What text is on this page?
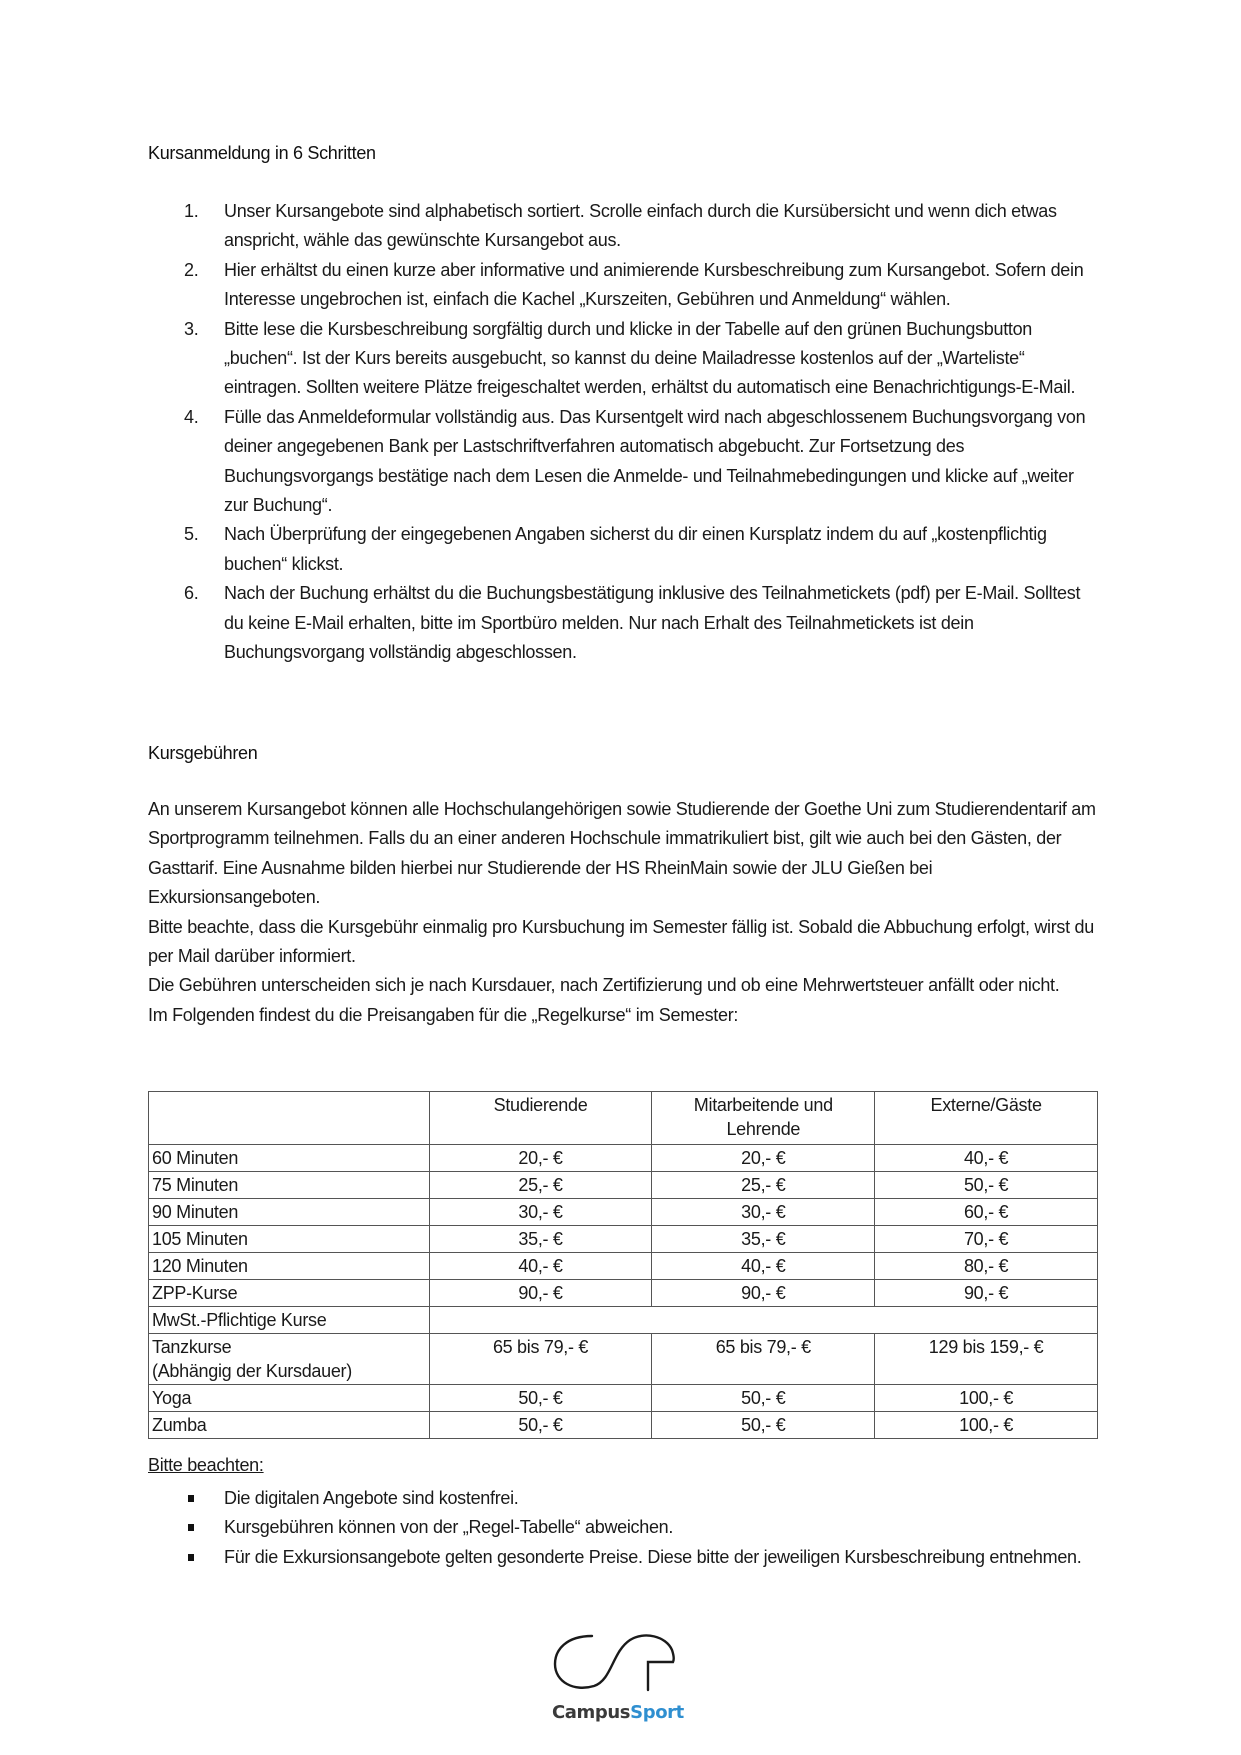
Kursanmeldung in 6 Schritten
1. Unser Kursangebote sind alphabetisch sortiert. Scrolle einfach durch die Kursübersicht und wenn dich etwas anspricht, wähle das gewünschte Kursangebot aus.
2. Hier erhältst du einen kurze aber informative und animierende Kursbeschreibung zum Kursangebot. Sofern dein Interesse ungebrochen ist, einfach die Kachel „Kurszeiten, Gebühren und Anmeldung“ wählen.
3. Bitte lese die Kursbeschreibung sorgfältig durch und klicke in der Tabelle auf den grünen Buchungsbutton „buchen“. Ist der Kurs bereits ausgebucht, so kannst du deine Mailadresse kostenlos auf der „Warteliste“ eintragen. Sollten weitere Plätze freigeschaltet werden, erhältst du automatisch eine Benachrichtigungs-E-Mail.
4. Fülle das Anmeldeformular vollständig aus. Das Kursentgelt wird nach abgeschlossenem Buchungsvorgang von deiner angegebenen Bank per Lastschriftverfahren automatisch abgebucht. Zur Fortsetzung des Buchungsvorgangs bestätige nach dem Lesen die Anmelde- und Teilnahmebedingungen und klicke auf „weiter zur Buchung“.
5. Nach Überprüfung der eingegebenen Angaben sicherst du dir einen Kursplatz indem du auf „kostenpflichtig buchen“ klickst.
6. Nach der Buchung erhältst du die Buchungsbestätigung inklusive des Teilnahmetickets (pdf) per E-Mail. Solltest du keine E-Mail erhalten, bitte im Sportbüro melden. Nur nach Erhalt des Teilnahmetickets ist dein Buchungsvorgang vollständig abgeschlossen.
Kursgebühren

An unserem Kursangebot können alle Hochschulangehörigen sowie Studierende der Goethe Uni zum Studierendentarif am Sportprogramm teilnehmen. Falls du an einer anderen Hochschule immatrikuliert bist, gilt wie auch bei den Gästen, der Gasttarif. Eine Ausnahme bilden hierbei nur Studierende der HS RheinMain sowie der JLU Gießen bei Exkursionsangeboten.

Bitte beachte, dass die Kursgebühr einmalig pro Kursbuchung im Semester fällig ist. Sobald die Abbuchung erfolgt, wirst du per Mail darüber informiert.

Die Gebühren unterscheiden sich je nach Kursdauer, nach Zertifizierung und ob eine Mehrwertsteuer anfällt oder nicht.

Im Folgenden findest du die Preisangaben für die „Regelkurse“ im Semester:

	Studierende	Mitarbeitende und Lehrende	Externe/Gäste
60 Minuten	20,- €	20,- €	40,- €
75 Minuten	25,- €	25,- €	50,- €
90 Minuten	30,- €	30,- €	60,- €
105 Minuten	35,- €	35,- €	70,- €
120 Minuten	40,- €	40,- €	80,- €
ZPP-Kurse	90,- €	90,- €	90,- €
MwSt.-Pflichtige Kurse			
Tanzkurse
(Abhängig der Kursdauer)	65 bis 79,- €	65 bis 79,- €	129 bis 159,- €
Yoga	50,- €	50,- €	100,- €
Zumba	50,- €	50,- €	100,- €
Bitte beachten:
Die digitalen Angebote sind kostenfrei.
Kursgebühren können von der „Regel-Tabelle“ abweichen.
Für die Exkursionsangebote gelten gesonderte Preise. Diese bitte der jeweiligen Kursbeschreibung entnehmen.
CampusSport
